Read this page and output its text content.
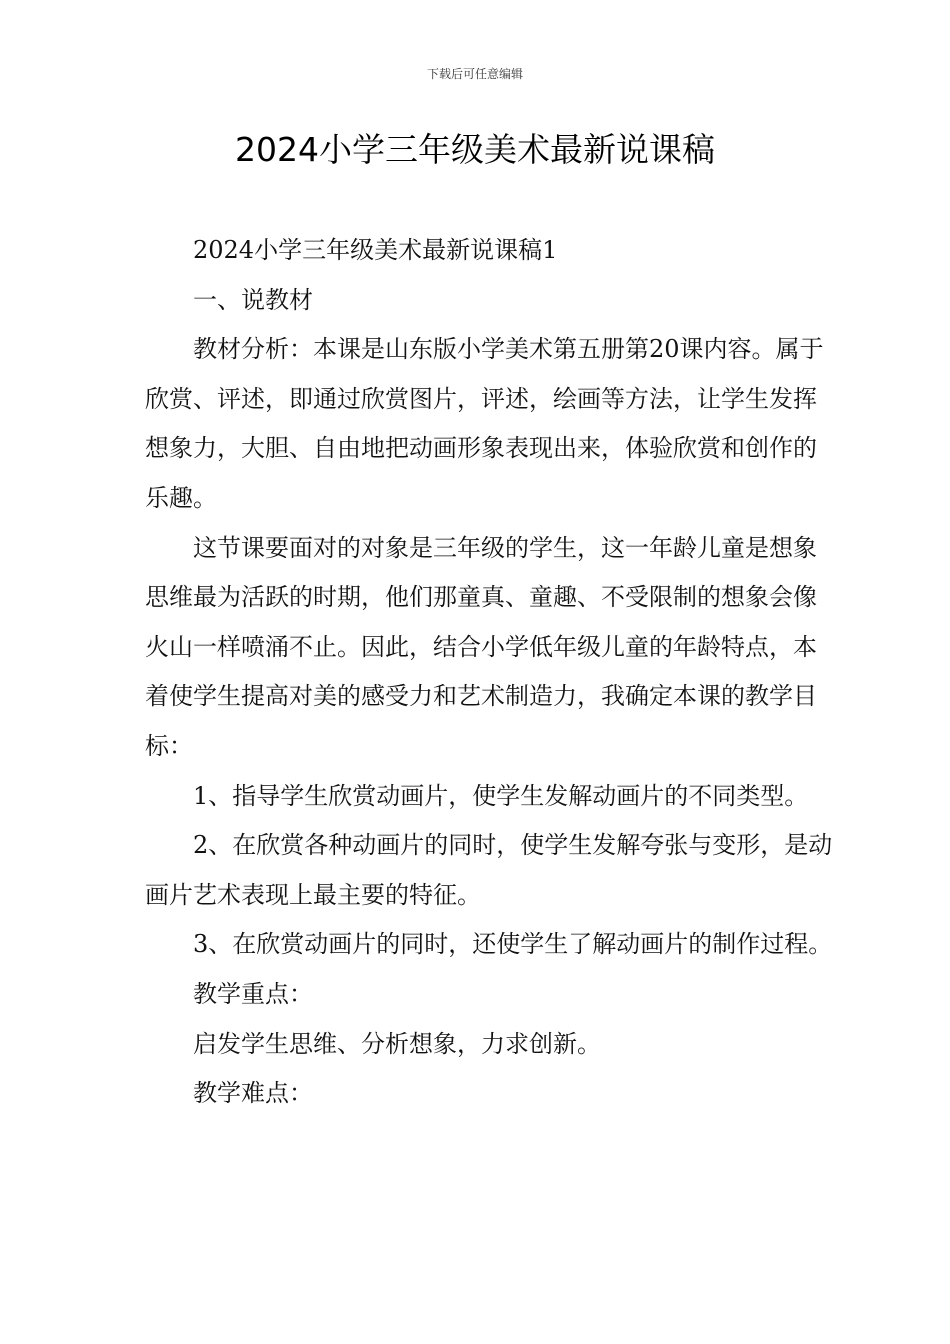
下载后可任意编辑
2024小学三年级美术最新说课稿

2024小学三年级美术最新说课稿1

一、说教材

教材分析：本课是山东版小学美术第五册第20课内容。属于欣赏、评述，即通过欣赏图片，评述，绘画等方法，让学生发挥想象力，大胆、自由地把动画形象表现出来，体验欣赏和创作的乐趣。

这节课要面对的对象是三年级的学生，这一年龄儿童是想象思维最为活跃的时期，他们那童真、童趣、不受限制的想象会像火山一样喷涌不止。因此，结合小学低年级儿童的年龄特点，本着使学生提高对美的感受力和艺术制造力，我确定本课的教学目标：

1、指导学生欣赏动画片，使学生发解动画片的不同类型。

2、在欣赏各种动画片的同时，使学生发解夸张与变形，是动画片艺术表现上最主要的特征。

3、在欣赏动画片的同时，还使学生了解动画片的制作过程。

教学重点：

启发学生思维、分析想象，力求创新。

教学难点：
